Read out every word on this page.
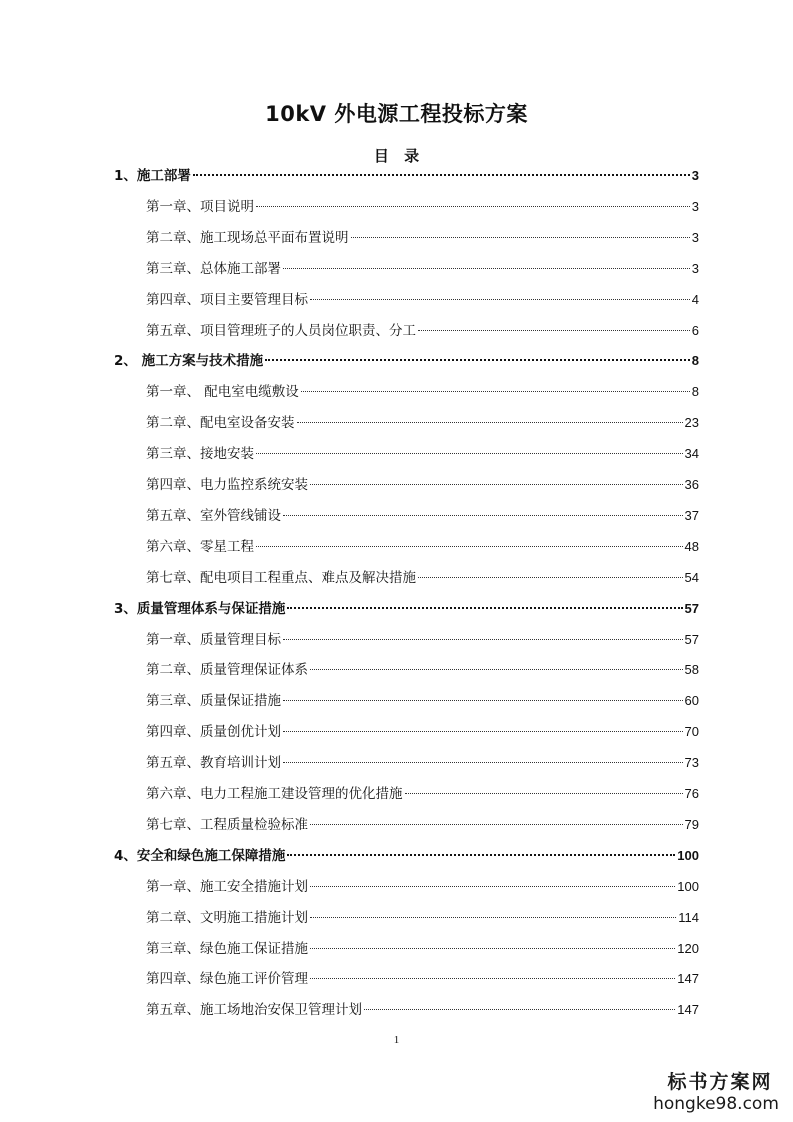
10kV 外电源工程投标方案
目 录
1、施工部署	3
第一章、项目说明	3
第二章、施工现场总平面布置说明	3
第三章、总体施工部署	3
第四章、项目主要管理目标	4
第五章、项目管理班子的人员岗位职责、分工	6
2、 施工方案与技术措施	8
第一章、 配电室电缆敷设	8
第二章、配电室设备安装	23
第三章、接地安装	34
第四章、电力监控系统安装	36
第五章、室外管线铺设	37
第六章、零星工程	48
第七章、配电项目工程重点、难点及解决措施	54
3、质量管理体系与保证措施	57
第一章、质量管理目标	57
第二章、质量管理保证体系	58
第三章、质量保证措施	60
第四章、质量创优计划	70
第五章、教育培训计划	73
第六章、电力工程施工建设管理的优化措施	76
第七章、工程质量检验标准	79
4、安全和绿色施工保障措施	100
第一章、施工安全措施计划	100
第二章、文明施工措施计划	114
第三章、绿色施工保证措施	120
第四章、绿色施工评价管理	147
第五章、施工场地治安保卫管理计划	147
1
标书方案网
hongke98.com
